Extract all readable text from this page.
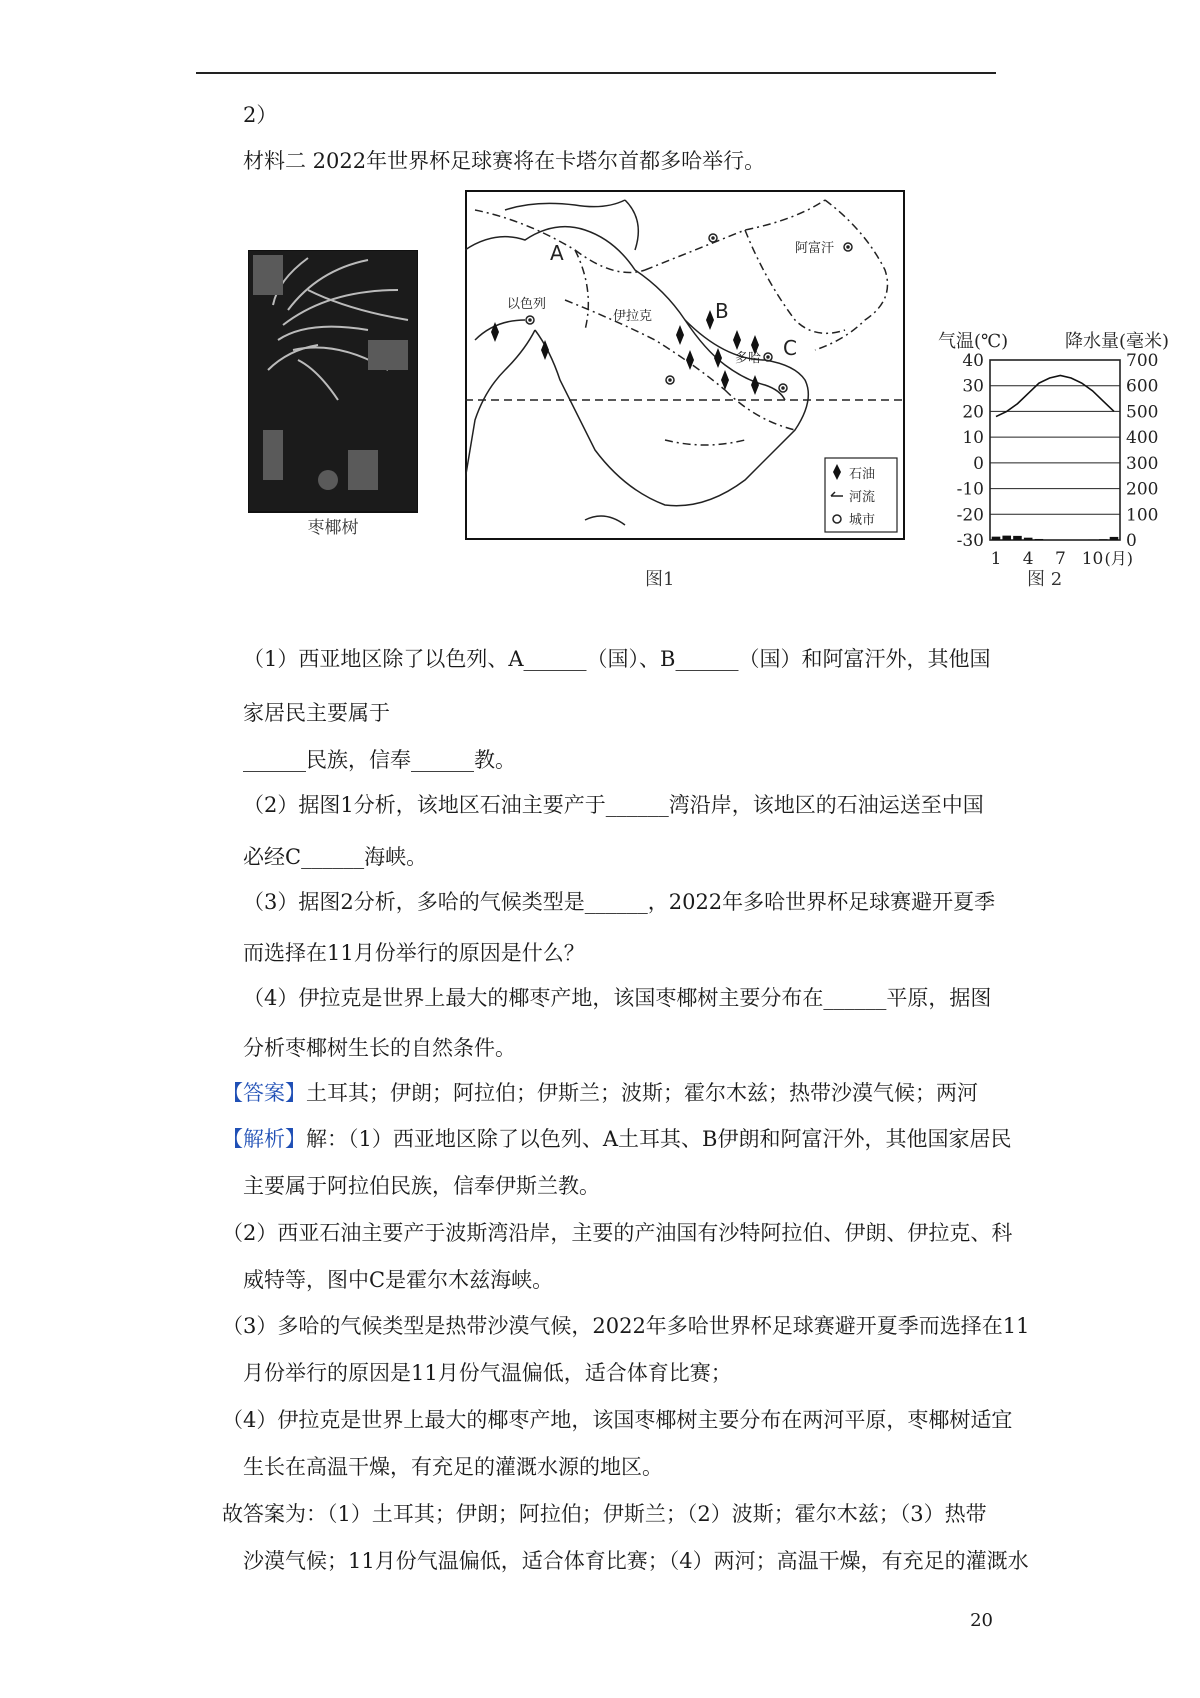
2）
材料二 2022年世界杯足球赛将在卡塔尔首都多哈举行。
枣椰树
A
B
C
以色列
伊拉克
阿富汗
多哈
石油
河流
城市
图1
气温(℃)	降水量(毫米)
40
30
20
10
0
-10
-20
-30
700
600
500
400
300
200
100
0
1 4 7 10 (月)
图 2
（1）西亚地区除了以色列、A______（国）、B______（国）和阿富汗外，其他国
家居民主要属于
______民族，信奉______教。
（2）据图1分析，该地区石油主要产于______湾沿岸，该地区的石油运送至中国
必经C______海峡。
（3）据图2分析，多哈的气候类型是______，2022年多哈世界杯足球赛避开夏季
而选择在11月份举行的原因是什么？
（4）伊拉克是世界上最大的椰枣产地，该国枣椰树主要分布在______平原，据图
分析枣椰树生长的自然条件。
【答案】土耳其；伊朗；阿拉伯；伊斯兰；波斯；霍尔木兹；热带沙漠气候；两河
【解析】解：（1）西亚地区除了以色列、A土耳其、B伊朗和阿富汗外，其他国家居民
主要属于阿拉伯民族，信奉伊斯兰教。
（2）西亚石油主要产于波斯湾沿岸，主要的产油国有沙特阿拉伯、伊朗、伊拉克、科
威特等，图中C是霍尔木兹海峡。
（3）多哈的气候类型是热带沙漠气候，2022年多哈世界杯足球赛避开夏季而选择在11
月份举行的原因是11月份气温偏低，适合体育比赛；
（4）伊拉克是世界上最大的椰枣产地，该国枣椰树主要分布在两河平原，枣椰树适宜
生长在高温干燥，有充足的灌溉水源的地区。
故答案为：（1）土耳其；伊朗；阿拉伯；伊斯兰；（2）波斯；霍尔木兹；（3）热带
沙漠气候；11月份气温偏低，适合体育比赛；（4）两河；高温干燥，有充足的灌溉水
20
